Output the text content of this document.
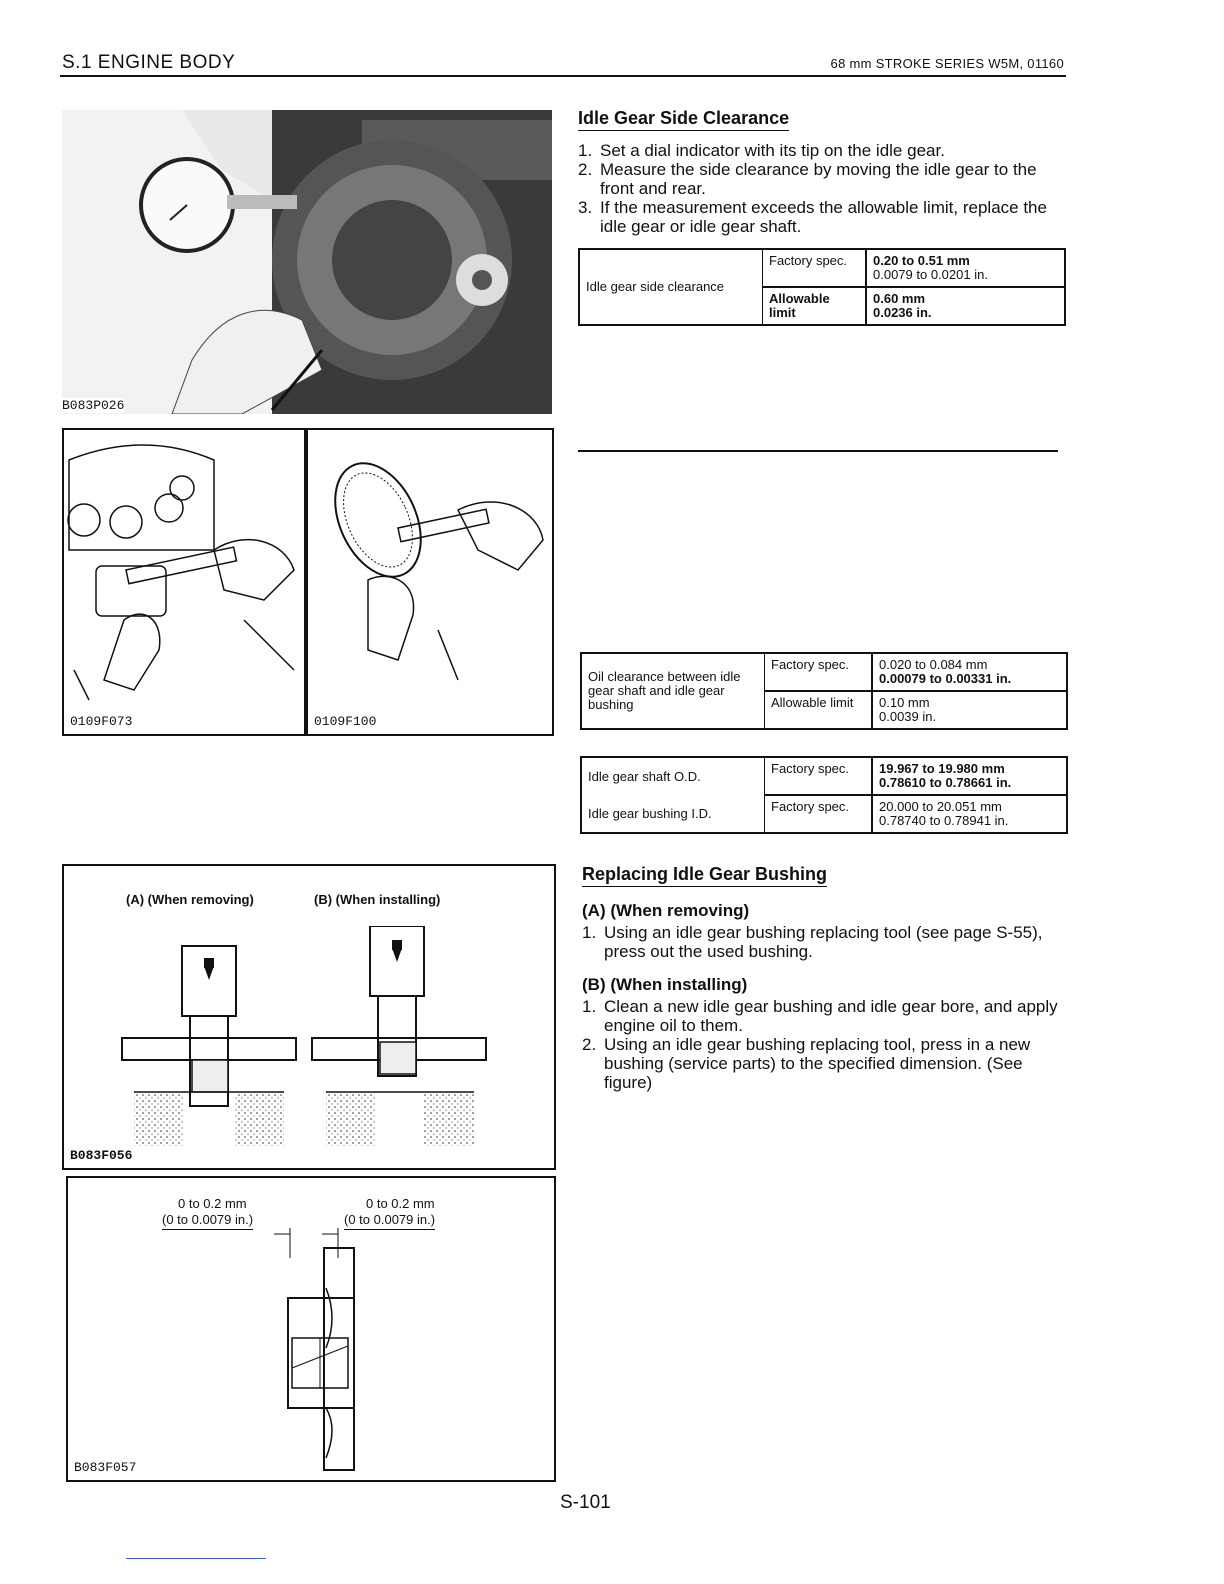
S.1 ENGINE BODY	68 mm STROKE SERIES W5M, 01160
B083P026
0109F073	0109F100
(A) (When removing)	(B) (When installing)
B083F056
0 to 0.2 mm
(0 to 0.0079 in.)
0 to 0.2 mm
(0 to 0.0079 in.)
B083F057
Idle Gear Side Clearance
1. Set a dial indicator with its tip on the idle gear.
2. Measure the side clearance by moving the idle gear to the front and rear.
3. If the measurement exceeds the allowable limit, replace the idle gear or idle gear shaft.
Idle gear side clearance	Factory spec.	0.20 to 0.51 mm
0.0079 to 0.0201 in.

	Allowable limit	0.60 mm
0.0236 in.
Oil clearance between idle gear shaft and idle gear bushing	Factory spec.	0.020 to 0.084 mm
0.00079 to 0.00331 in.

	Allowable limit	0.10 mm
0.0039 in.
Idle gear shaft O.D.	Factory spec.	19.967 to 19.980 mm
0.78610 to 0.78661 in.

Idle gear bushing I.D.	Factory spec.	20.000 to 20.051 mm
0.78740 to 0.78941 in.
Replacing Idle Gear Bushing
(A) (When removing)
1. Using an idle gear bushing replacing tool (see page S-55), press out the used bushing.
(B) (When installing)
1. Clean a new idle gear bushing and idle gear bore, and apply engine oil to them.
2. Using an idle gear bushing replacing tool, press in a new bushing (service parts) to the specified dimension. (See figure)
S-101
